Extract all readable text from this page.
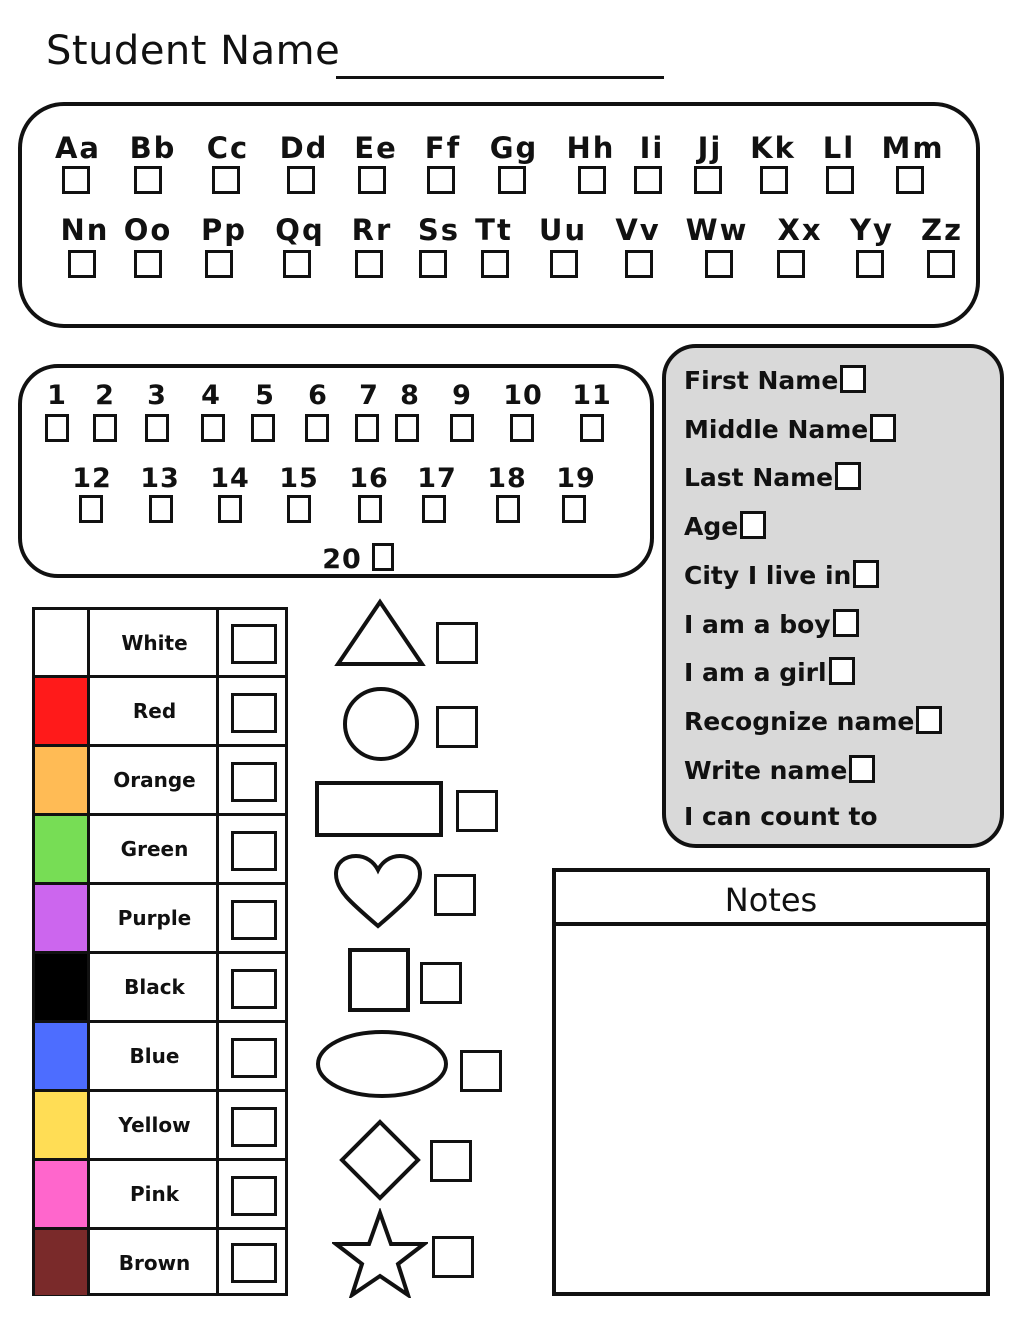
Student Name
Aa Bb Cc Dd Ee Ff Gg Hh Ii Jj Kk Ll Mm
Nn Oo Pp Qq Rr Ss Tt Uu Vv Ww Xx Yy Zz
1 2 3 4 5 6 7 8 9 10 11
12 13 14 15 16 17 18 19
20
First Name
Middle Name
Last Name
Age
City I live in
I am a boy
I am a girl
Recognize name
Write name
I can count to
White
Red
Orange
Green
Purple
Black
Blue
Yellow
Pink
Brown
Notes
